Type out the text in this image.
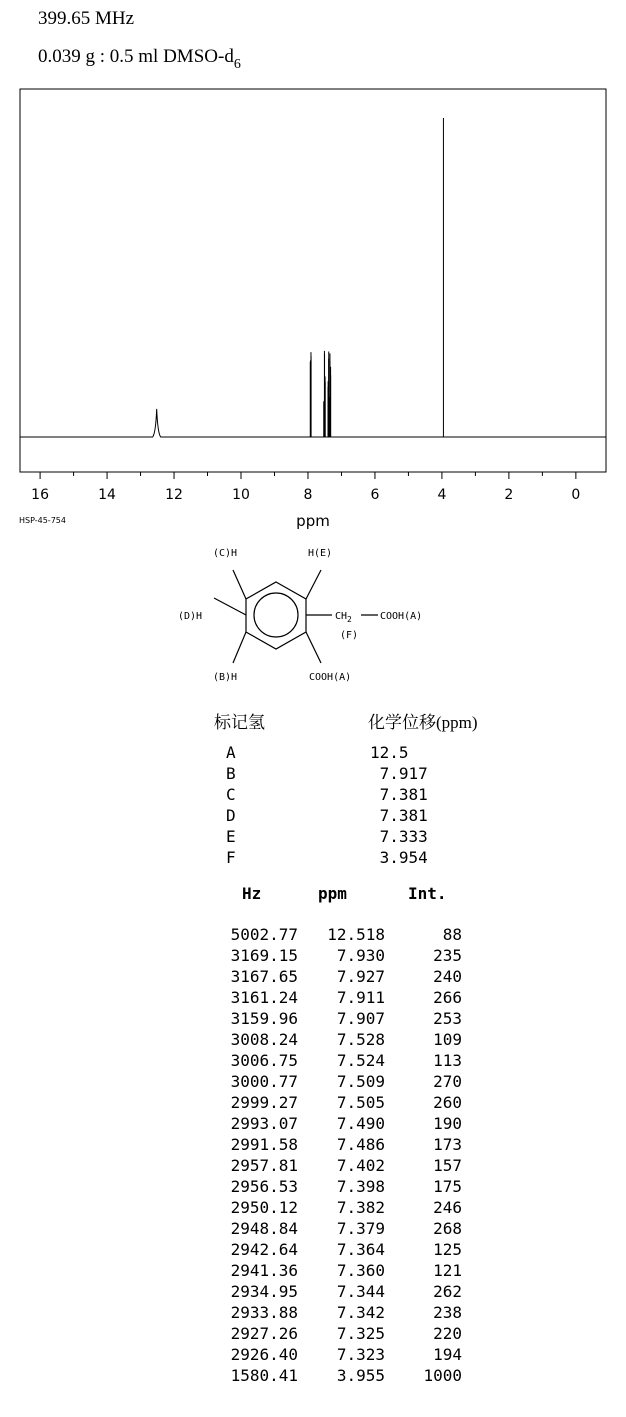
399.65 MHz
0.039 g : 0.5 ml DMSO-$d_6$
16	14	12	10	8	6	4	2	0
ppm
HSP-45-754
(C)H	H(E)
(D)H	$CH_2$	COOH(A)
(F)
(B)H	COOH(A)
标记氢	化学位移(ppm)
A	12.5
B	7.917
C	7.381
D	7.381
E	7.333
F	3.954
Hz	ppm	Int.
5002.77 12.518	88
3169.15 7.930	235
3167.65 7.927	240
3161.24 7.911	266
3159.96 7.907	253
3008.24 7.528	109
3006.75 7.524	113
3000.77 7.509	270
2999.27 7.505	260
2993.07 7.490	190
2991.58 7.486	173
2957.81 7.402	157
2956.53 7.398	175
2950.12 7.382	246
2948.84 7.379	268
2942.64 7.364	125
2941.36 7.360	121
2934.95 7.344	262
2933.88 7.342	238
2927.26 7.325	220
2926.40 7.323	194
1580.41 3.955 1000
